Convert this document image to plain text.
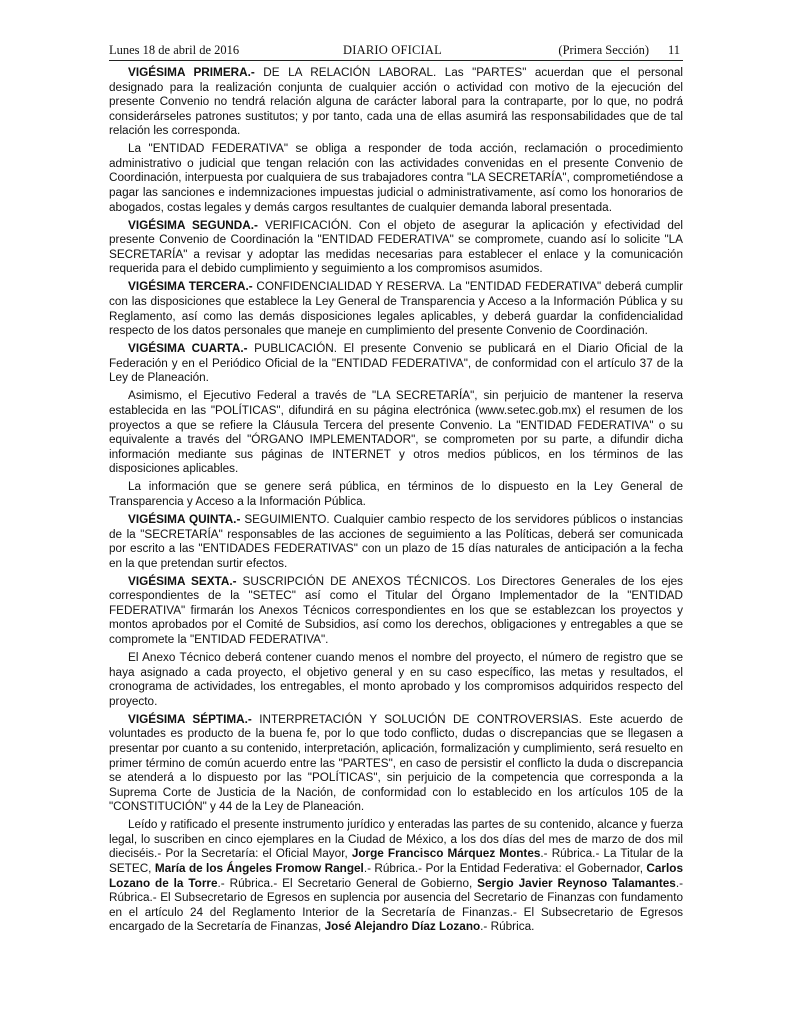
Lunes 18 de abril de 2016	DIARIO OFICIAL	(Primera Sección) 11

VIGÉSIMA PRIMERA.- DE LA RELACIÓN LABORAL. Las "PARTES" acuerdan que el personal designado para la realización conjunta de cualquier acción o actividad con motivo de la ejecución del presente Convenio no tendrá relación alguna de carácter laboral para la contraparte, por lo que, no podrá considerárseles patrones sustitutos; y por tanto, cada una de ellas asumirá las responsabilidades que de tal relación les corresponda.

La "ENTIDAD FEDERATIVA" se obliga a responder de toda acción, reclamación o procedimiento administrativo o judicial que tengan relación con las actividades convenidas en el presente Convenio de Coordinación, interpuesta por cualquiera de sus trabajadores contra "LA SECRETARÍA", comprometiéndose a pagar las sanciones e indemnizaciones impuestas judicial o administrativamente, así como los honorarios de abogados, costas legales y demás cargos resultantes de cualquier demanda laboral presentada.

VIGÉSIMA SEGUNDA.- VERIFICACIÓN. Con el objeto de asegurar la aplicación y efectividad del presente Convenio de Coordinación la "ENTIDAD FEDERATIVA" se compromete, cuando así lo solicite "LA SECRETARÍA" a revisar y adoptar las medidas necesarias para establecer el enlace y la comunicación requerida para el debido cumplimiento y seguimiento a los compromisos asumidos.

VIGÉSIMA TERCERA.- CONFIDENCIALIDAD Y RESERVA. La "ENTIDAD FEDERATIVA" deberá cumplir con las disposiciones que establece la Ley General de Transparencia y Acceso a la Información Pública y su Reglamento, así como las demás disposiciones legales aplicables, y deberá guardar la confidencialidad respecto de los datos personales que maneje en cumplimiento del presente Convenio de Coordinación.

VIGÉSIMA CUARTA.- PUBLICACIÓN. El presente Convenio se publicará en el Diario Oficial de la Federación y en el Periódico Oficial de la "ENTIDAD FEDERATIVA", de conformidad con el artículo 37 de la Ley de Planeación.

Asimismo, el Ejecutivo Federal a través de "LA SECRETARÍA", sin perjuicio de mantener la reserva establecida en las "POLÍTICAS", difundirá en su página electrónica (www.setec.gob.mx) el resumen de los proyectos a que se refiere la Cláusula Tercera del presente Convenio. La "ENTIDAD FEDERATIVA" o su equivalente a través del "ÓRGANO IMPLEMENTADOR", se comprometen por su parte, a difundir dicha información mediante sus páginas de INTERNET y otros medios públicos, en los términos de las disposiciones aplicables.

La información que se genere será pública, en términos de lo dispuesto en la Ley General de Transparencia y Acceso a la Información Pública.

VIGÉSIMA QUINTA.- SEGUIMIENTO. Cualquier cambio respecto de los servidores públicos o instancias de la "SECRETARÍA" responsables de las acciones de seguimiento a las Políticas, deberá ser comunicada por escrito a las "ENTIDADES FEDERATIVAS" con un plazo de 15 días naturales de anticipación a la fecha en la que pretendan surtir efectos.

VIGÉSIMA SEXTA.- SUSCRIPCIÓN DE ANEXOS TÉCNICOS. Los Directores Generales de los ejes correspondientes de la "SETEC" así como el Titular del Órgano Implementador de la "ENTIDAD FEDERATIVA" firmarán los Anexos Técnicos correspondientes en los que se establezcan los proyectos y montos aprobados por el Comité de Subsidios, así como los derechos, obligaciones y entregables a que se compromete la "ENTIDAD FEDERATIVA".

El Anexo Técnico deberá contener cuando menos el nombre del proyecto, el número de registro que se haya asignado a cada proyecto, el objetivo general y en su caso específico, las metas y resultados, el cronograma de actividades, los entregables, el monto aprobado y los compromisos adquiridos respecto del proyecto.

VIGÉSIMA SÉPTIMA.- INTERPRETACIÓN Y SOLUCIÓN DE CONTROVERSIAS. Este acuerdo de voluntades es producto de la buena fe, por lo que todo conflicto, dudas o discrepancias que se llegasen a presentar por cuanto a su contenido, interpretación, aplicación, formalización y cumplimiento, será resuelto en primer término de común acuerdo entre las "PARTES", en caso de persistir el conflicto la duda o discrepancia se atenderá a lo dispuesto por las "POLÍTICAS", sin perjuicio de la competencia que corresponda a la Suprema Corte de Justicia de la Nación, de conformidad con lo establecido en los artículos 105 de la "CONSTITUCIÓN" y 44 de la Ley de Planeación.

Leído y ratificado el presente instrumento jurídico y enteradas las partes de su contenido, alcance y fuerza legal, lo suscriben en cinco ejemplares en la Ciudad de México, a los dos días del mes de marzo de dos mil dieciséis.- Por la Secretaría: el Oficial Mayor, Jorge Francisco Márquez Montes.- Rúbrica.- La Titular de la SETEC, María de los Ángeles Fromow Rangel.- Rúbrica.- Por la Entidad Federativa: el Gobernador, Carlos Lozano de la Torre.- Rúbrica.- El Secretario General de Gobierno, Sergio Javier Reynoso Talamantes.- Rúbrica.- El Subsecretario de Egresos en suplencia por ausencia del Secretario de Finanzas con fundamento en el artículo 24 del Reglamento Interior de la Secretaría de Finanzas.- El Subsecretario de Egresos encargado de la Secretaría de Finanzas, José Alejandro Díaz Lozano.- Rúbrica.
